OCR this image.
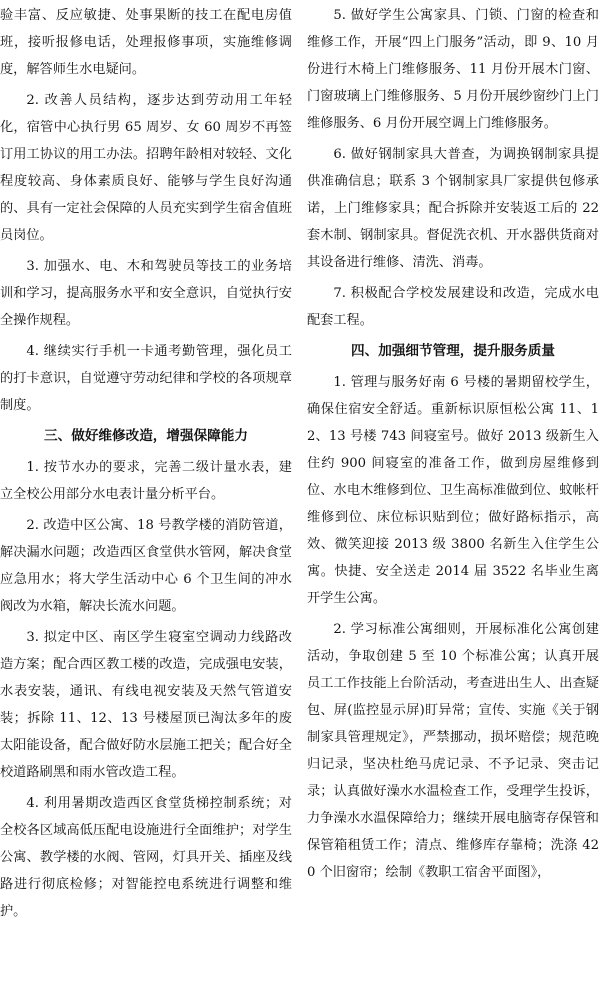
验丰富、反应敏捷、处事果断的技工在配电房值班，接听报修电话，处理报修事项，实施维修调度，解答师生水电疑问。

2. 改善人员结构，逐步达到劳动用工年轻化，宿管中心执行男 65 周岁、女 60 周岁不再签订用工协议的用工办法。招聘年龄相对较轻、文化程度较高、身体素质良好、能够与学生良好沟通的、具有一定社会保障的人员充实到学生宿舍值班员岗位。

3. 加强水、电、木和驾驶员等技工的业务培训和学习，提高服务水平和安全意识，自觉执行安全操作规程。

4. 继续实行手机一卡通考勤管理，强化员工的打卡意识，自觉遵守劳动纪律和学校的各项规章制度。

三、做好维修改造，增强保障能力

1. 按节水办的要求，完善二级计量水表，建立全校公用部分水电表计量分析平台。

2. 改造中区公寓、18 号教学楼的消防管道，解决漏水问题；改造西区食堂供水管网，解决食堂应急用水；将大学生活动中心 6 个卫生间的冲水阀改为水箱，解决长流水问题。

3. 拟定中区、南区学生寝室空调动力线路改造方案；配合西区教工楼的改造，完成强电安装，水表安装，通讯、有线电视安装及天然气管道安装；拆除 11、12、13 号楼屋顶已淘汰多年的废太阳能设备，配合做好防水层施工把关；配合好全校道路刷黑和雨水管改造工程。

4. 利用暑期改造西区食堂货梯控制系统；对全校各区域高低压配电设施进行全面维护；对学生公寓、教学楼的水阀、管网，灯具开关、插座及线路进行彻底检修；对智能控电系统进行调整和维护。

5. 做好学生公寓家具、门锁、门窗的检查和维修工作，开展“四上门服务”活动，即 9、10 月份进行木椅上门维修服务、11 月份开展木门窗、门窗玻璃上门维修服务、5 月份开展纱窗纱门上门维修服务、6 月份开展空调上门维修服务。

6. 做好钢制家具大普查，为调换钢制家具提供准确信息；联系 3 个钢制家具厂家提供包修承诺，上门维修家具；配合拆除并安装返工后的 22 套木制、钢制家具。督促洗衣机、开水器供货商对其设备进行维修、清洗、消毒。

7. 积极配合学校发展建设和改造，完成水电配套工程。

四、加强细节管理，提升服务质量

1. 管理与服务好南 6 号楼的暑期留校学生，确保住宿安全舒适。重新标识原恒松公寓 11、12、13 号楼 743 间寝室号。做好 2013 级新生入住约 900 间寝室的准备工作，做到房屋维修到位、水电木维修到位、卫生高标准做到位、蚊帐杆维修到位、床位标识贴到位；做好路标指示，高效、微笑迎接 2013 级 3800 名新生入住学生公寓。快捷、安全送走 2014 届 3522 名毕业生离开学生公寓。

2. 学习标准公寓细则，开展标准化公寓创建活动，争取创建 5 至 10 个标准公寓；认真开展员工工作技能上台阶活动，考查进出生人、出查疑包、屏(监控显示屏)盯异常；宣传、实施《关于钢制家具管理规定》，严禁挪动，损坏赔偿；规范晚归记录，坚决杜绝马虎记录、不予记录、突击记录；认真做好澡水水温检查工作，受理学生投诉，力争澡水水温保障给力；继续开展电脑寄存保管和保管箱租赁工作；清点、维修库存靠椅；洗涤 420 个旧窗帘；绘制《教职工宿舍平面图》，
